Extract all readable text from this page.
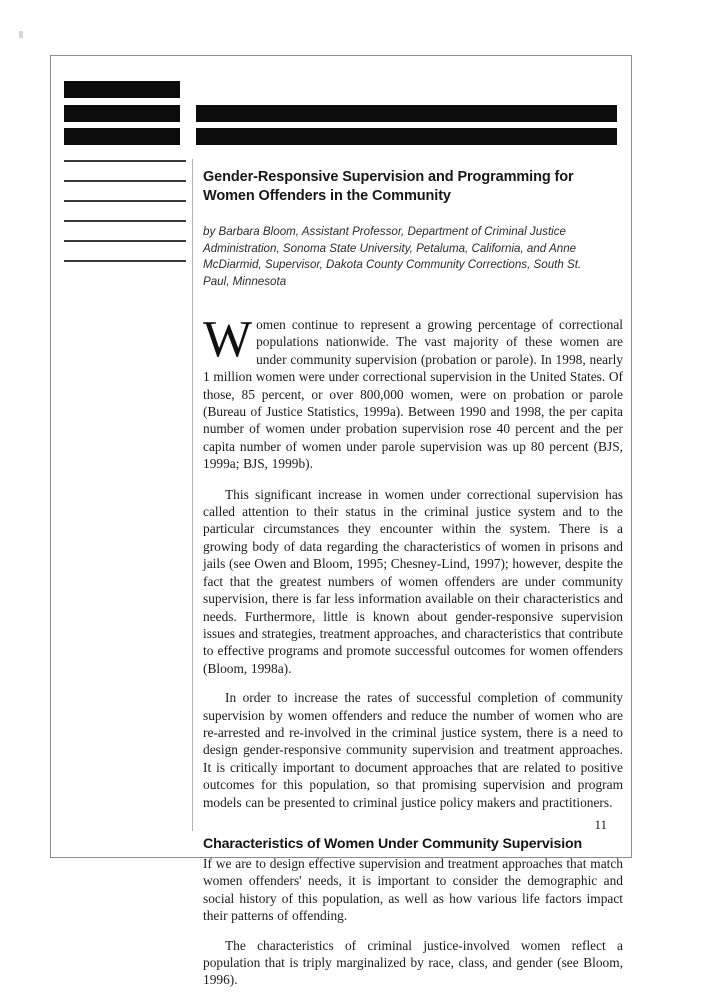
Gender-Responsive Supervision and Programming for Women Offenders in the Community

by Barbara Bloom, Assistant Professor, Department of Criminal Justice Administration, Sonoma State University, Petaluma, California, and Anne McDiarmid, Supervisor, Dakota County Community Corrections, South St. Paul, Minnesota

Women continue to represent a growing percentage of correctional populations nationwide. The vast majority of these women are under community supervision (probation or parole). In 1998, nearly 1 million women were under correctional supervision in the United States. Of those, 85 percent, or over 800,000 women, were on probation or parole (Bureau of Justice Statistics, 1999a). Between 1990 and 1998, the per capita number of women under probation supervision rose 40 percent and the per capita number of women under parole supervision was up 80 percent (BJS, 1999a; BJS, 1999b).

This significant increase in women under correctional supervision has called attention to their status in the criminal justice system and to the particular circumstances they encounter within the system. There is a growing body of data regarding the characteristics of women in prisons and jails (see Owen and Bloom, 1995; Chesney-Lind, 1997); however, despite the fact that the greatest numbers of women offenders are under community supervision, there is far less information available on their characteristics and needs. Furthermore, little is known about gender-responsive supervision issues and strategies, treatment approaches, and characteristics that contribute to effective programs and promote successful outcomes for women offenders (Bloom, 1998a).

In order to increase the rates of successful completion of community supervision by women offenders and reduce the number of women who are re-arrested and re-involved in the criminal justice system, there is a need to design gender-responsive community supervision and treatment approaches. It is critically important to document approaches that are related to positive outcomes for this population, so that promising supervision and program models can be presented to criminal justice policy makers and practitioners.

Characteristics of Women Under Community Supervision

If we are to design effective supervision and treatment approaches that match women offenders' needs, it is important to consider the demographic and social history of this population, as well as how various life factors impact their patterns of offending.

The characteristics of criminal justice-involved women reflect a population that is triply marginalized by race, class, and gender (see Bloom, 1996).

11
